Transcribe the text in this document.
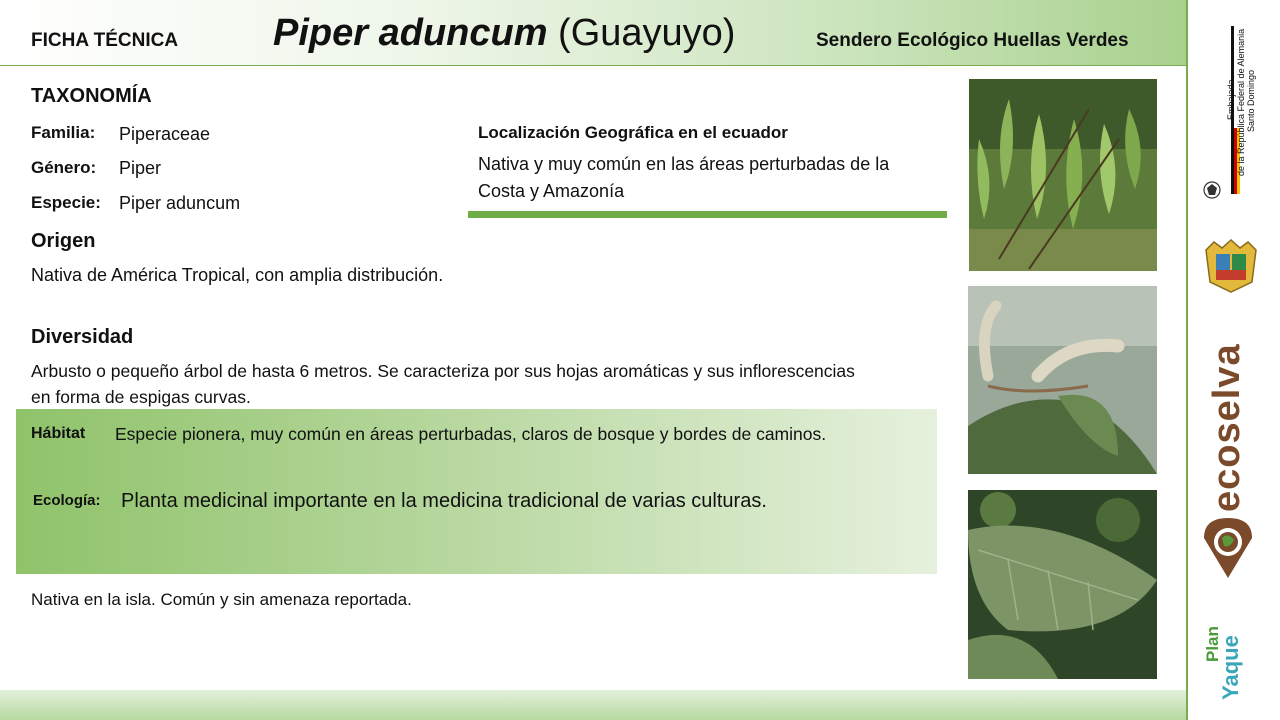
FICHA TÉCNICA Piper aduncum (Guayuyo)	Sendero Ecológico Huellas Verdes
TAXONOMÍA
Familia: Piperaceae
Género: Piper
Especie: Piper aduncum
Localización Geográfica en el ecuador
Nativa y muy común en las áreas perturbadas de la
Costa y Amazonía
Origen
Nativa de América Tropical, con amplia distribución.
Diversidad
Arbusto o pequeño árbol de hasta 6 metros. Se caracteriza por sus hojas aromáticas y sus inflorescencias
en forma de espigas curvas.
Hábitat Especie pionera, muy común en áreas perturbadas, claros de bosque y bordes de caminos.
Ecología: Planta medicinal importante en la medicina tradicional de varias culturas.
Nativa en la isla. Común y sin amenaza reportada.
Embajada de la República Federal de Alemania Santo Domingo
ecoselva
Plan
Yaque
